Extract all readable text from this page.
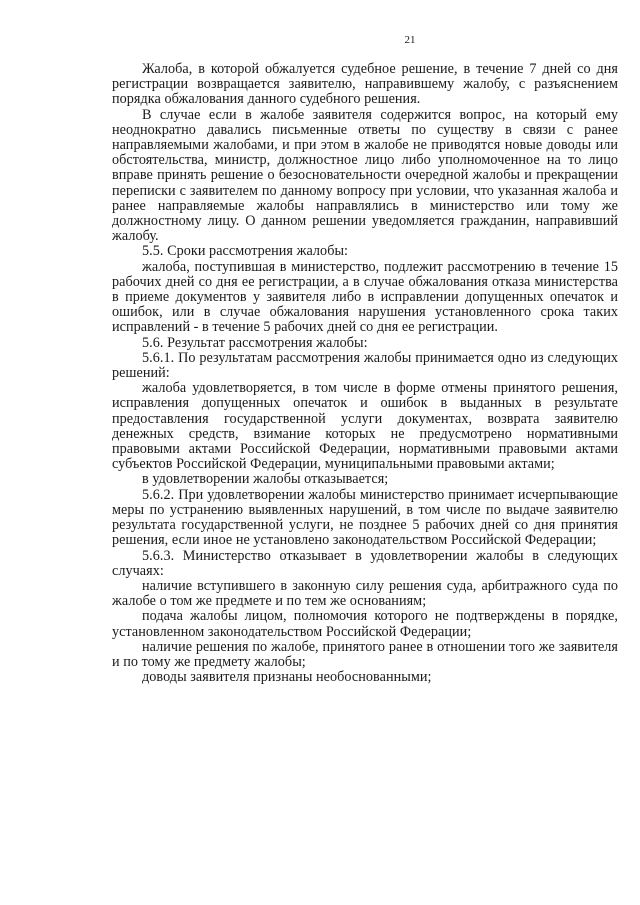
21

Жалоба, в которой обжалуется судебное решение, в течение 7 дней со дня регистрации возвращается заявителю, направившему жалобу, с разъяснением порядка обжалования данного судебного решения.

В случае если в жалобе заявителя содержится вопрос, на который ему неоднократно давались письменные ответы по существу в связи с ранее направляемыми жалобами, и при этом в жалобе не приводятся новые доводы или обстоятельства, министр, должностное лицо либо уполномоченное на то лицо вправе принять решение о безосновательности очередной жалобы и прекращении переписки с заявителем по данному вопросу при условии, что указанная жалоба и ранее направляемые жалобы направлялись в министерство или тому же должностному лицу. О данном решении уведомляется гражданин, направивший жалобу.

5.5. Сроки рассмотрения жалобы:

жалоба, поступившая в министерство, подлежит рассмотрению в течение 15 рабочих дней со дня ее регистрации, а в случае обжалования отказа министерства в приеме документов у заявителя либо в исправлении допущенных опечаток и ошибок, или в случае обжалования нарушения установленного срока таких исправлений - в течение 5 рабочих дней со дня ее регистрации.

5.6. Результат рассмотрения жалобы:

5.6.1. По результатам рассмотрения жалобы принимается одно из следующих решений:

жалоба удовлетворяется, в том числе в форме отмены принятого решения, исправления допущенных опечаток и ошибок в выданных в результате предоставления государственной услуги документах, возврата заявителю денежных средств, взимание которых не предусмотрено нормативными правовыми актами Российской Федерации, нормативными правовыми актами субъектов Российской Федерации, муниципальными правовыми актами;

в удовлетворении жалобы отказывается;

5.6.2. При удовлетворении жалобы министерство принимает исчерпывающие меры по устранению выявленных нарушений, в том числе по выдаче заявителю результата государственной услуги, не позднее 5 рабочих дней со дня принятия решения, если иное не установлено законодательством Российской Федерации;

5.6.3. Министерство отказывает в удовлетворении жалобы в следующих случаях:

наличие вступившего в законную силу решения суда, арбитражного суда по жалобе о том же предмете и по тем же основаниям;

подача жалобы лицом, полномочия которого не подтверждены в порядке, установленном законодательством Российской Федерации;

наличие решения по жалобе, принятого ранее в отношении того же заявителя и по тому же предмету жалобы;

доводы заявителя признаны необоснованными;
